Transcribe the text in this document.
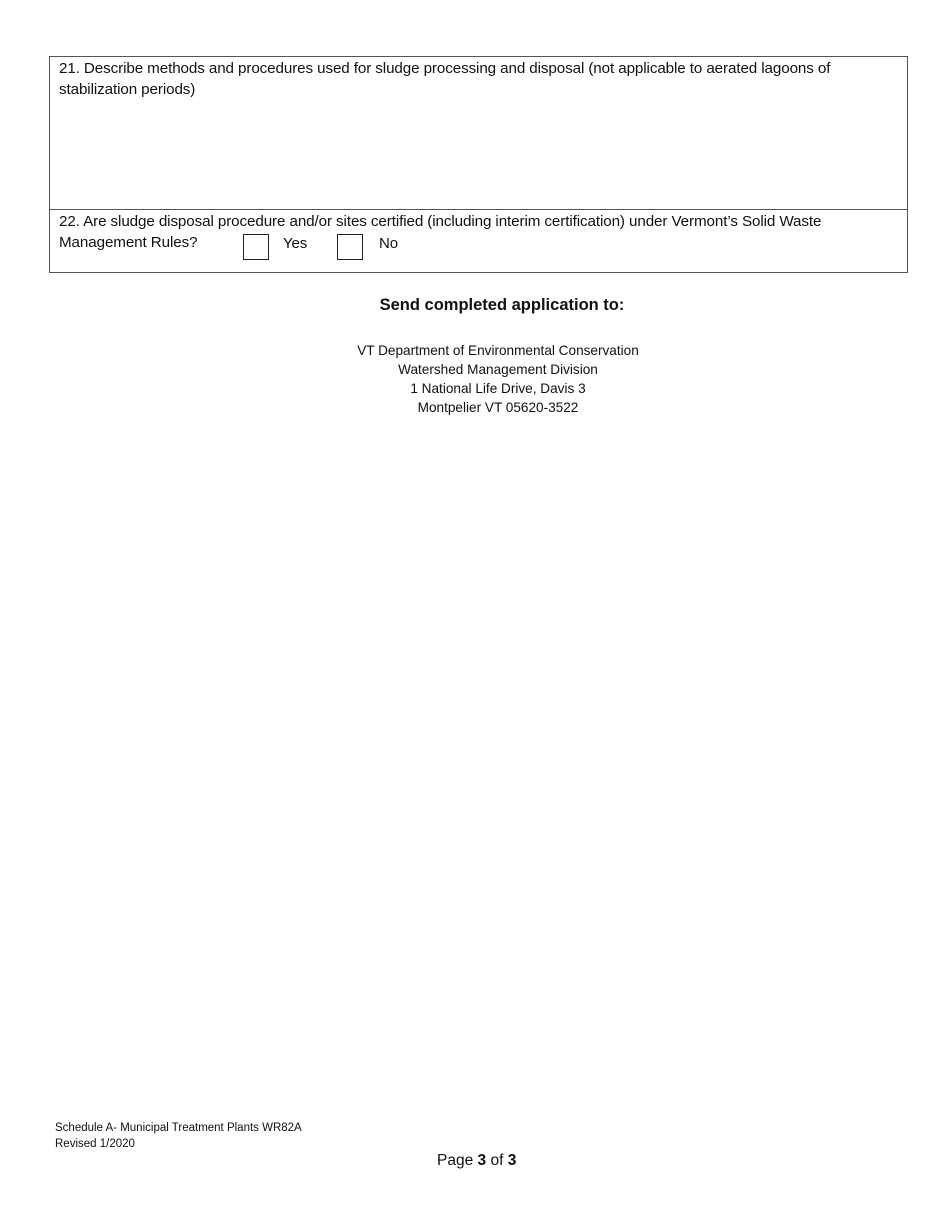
21. Describe methods and procedures used for sludge processing and disposal (not applicable to aerated lagoons of stabilization periods)
22. Are sludge disposal procedure and/or sites certified (including interim certification) under Vermont’s Solid Waste
Management Rules?	Yes	No
Send completed application to:
VT Department of Environmental Conservation
Watershed Management Division
1 National Life Drive, Davis 3
Montpelier VT 05620-3522
Schedule A- Municipal Treatment Plants WR82A
Revised 1/2020
Page 3 of 3
